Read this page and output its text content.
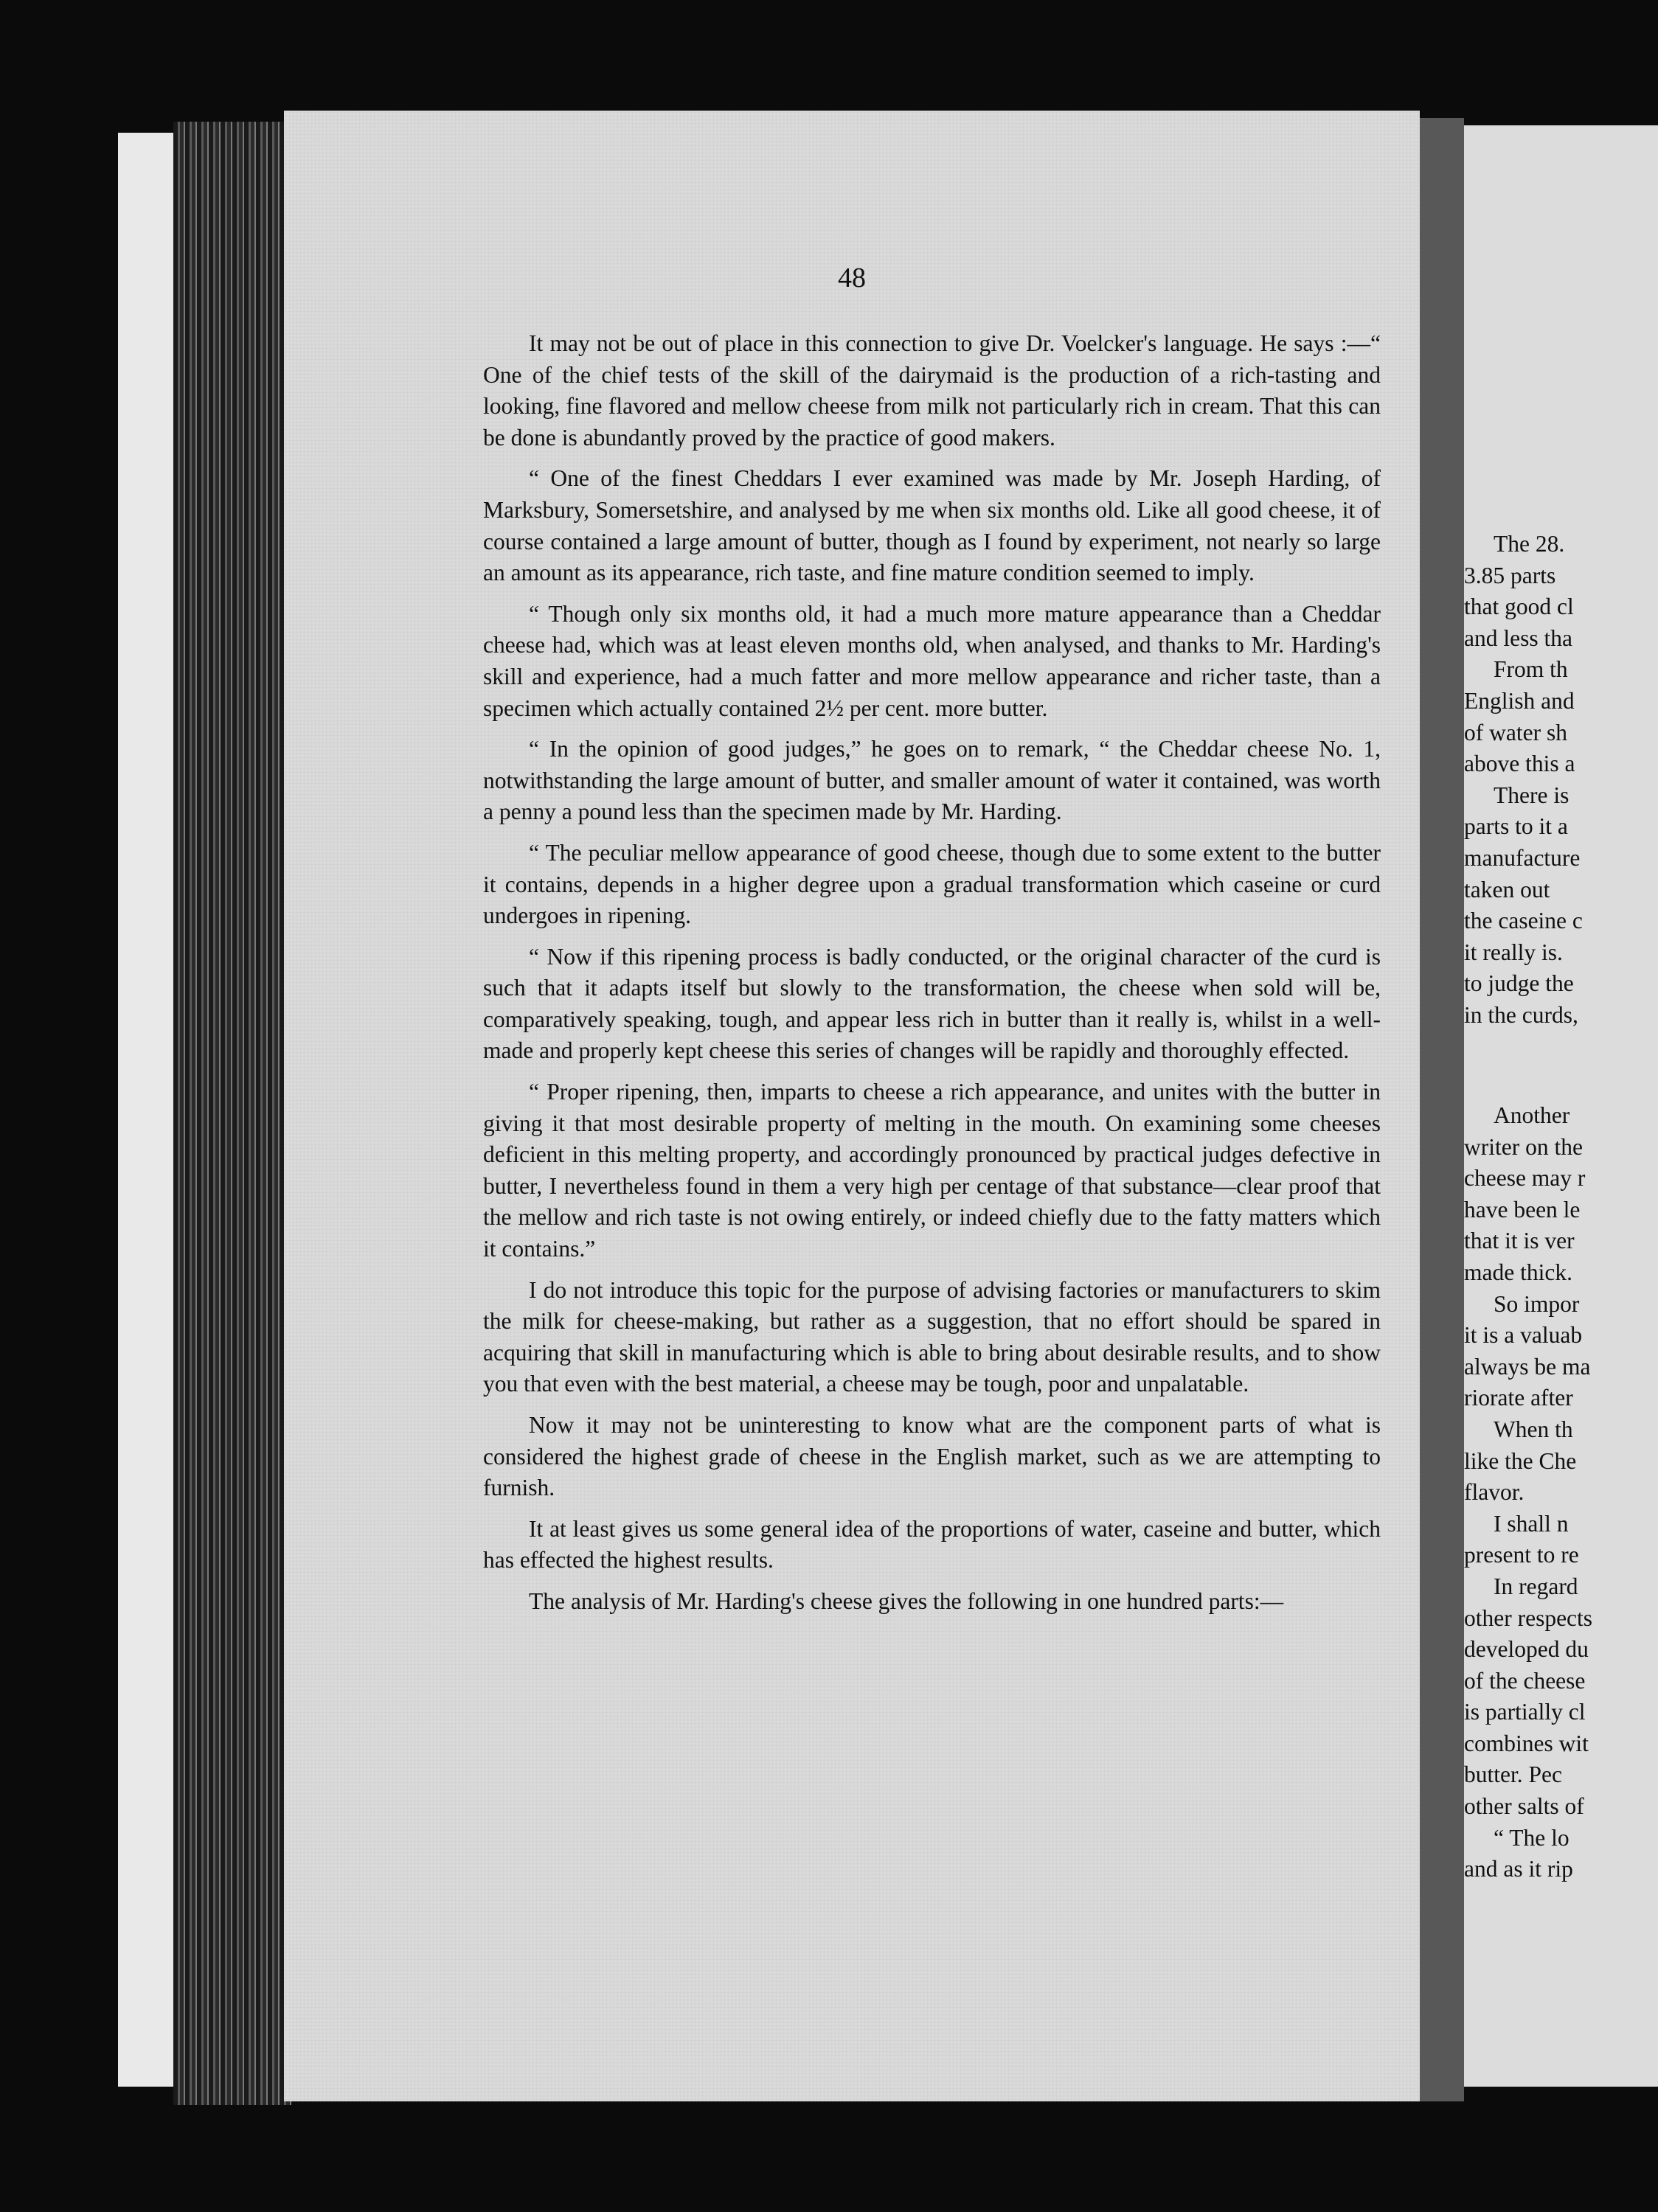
48

It may not be out of place in this connection to give Dr. Voelcker's language. He says :—“ One of the chief tests of the skill of the dairymaid is the production of a rich-tasting and looking, fine flavored and mellow cheese from milk not particularly rich in cream. That this can be done is abundantly proved by the practice of good makers.

“ One of the finest Cheddars I ever examined was made by Mr. Joseph Harding, of Marksbury, Somersetshire, and analysed by me when six months old. Like all good cheese, it of course contained a large amount of butter, though as I found by experiment, not nearly so large an amount as its appearance, rich taste, and fine mature condition seemed to imply.

“ Though only six months old, it had a much more mature appearance than a Cheddar cheese had, which was at least eleven months old, when analysed, and thanks to Mr. Harding's skill and experience, had a much fatter and more mellow appearance and richer taste, than a specimen which actually contained 2½ per cent. more butter.

“ In the opinion of good judges,” he goes on to remark, “ the Cheddar cheese No. 1, notwithstanding the large amount of butter, and smaller amount of water it contained, was worth a penny a pound less than the specimen made by Mr. Harding.

“ The peculiar mellow appearance of good cheese, though due to some extent to the butter it contains, depends in a higher degree upon a gradual transformation which caseine or curd undergoes in ripening.

“ Now if this ripening process is badly conducted, or the original character of the curd is such that it adapts itself but slowly to the transformation, the cheese when sold will be, comparatively speaking, tough, and appear less rich in butter than it really is, whilst in a well-made and properly kept cheese this series of changes will be rapidly and thoroughly effected.

“ Proper ripening, then, imparts to cheese a rich appearance, and unites with the butter in giving it that most desirable property of melting in the mouth. On examining some cheeses deficient in this melting property, and accordingly pronounced by practical judges defective in butter, I nevertheless found in them a very high per centage of that substance—clear proof that the mellow and rich taste is not owing entirely, or indeed chiefly due to the fatty matters which it contains.”

I do not introduce this topic for the purpose of advising factories or manufacturers to skim the milk for cheese-making, but rather as a suggestion, that no effort should be spared in acquiring that skill in manufacturing which is able to bring about desirable results, and to show you that even with the best material, a cheese may be tough, poor and unpalatable.

Now it may not be uninteresting to know what are the component parts of what is considered the highest grade of cheese in the English market, such as we are attempting to furnish.

It at least gives us some general idea of the proportions of water, caseine and butter, which has effected the highest results.

The analysis of Mr. Harding's cheese gives the following in one hundred parts:—

The 28.
3.85 parts
that good cl
and less tha
From th
English and
of water sh
above this a
There is
parts to it a
manufacture
taken out
the caseine c
it really is.
to judge the
in the curds,
Another
writer on the
cheese may r
have been le
that it is ver
made thick.
So impor
it is a valuab
always be ma
riorate after
When th
like the Che
flavor.
I shall n
present to re
In regard
other respects
developed du
of the cheese
is partially cl
combines wit
butter. Pec
other salts of
“ The lo
and as it rip
